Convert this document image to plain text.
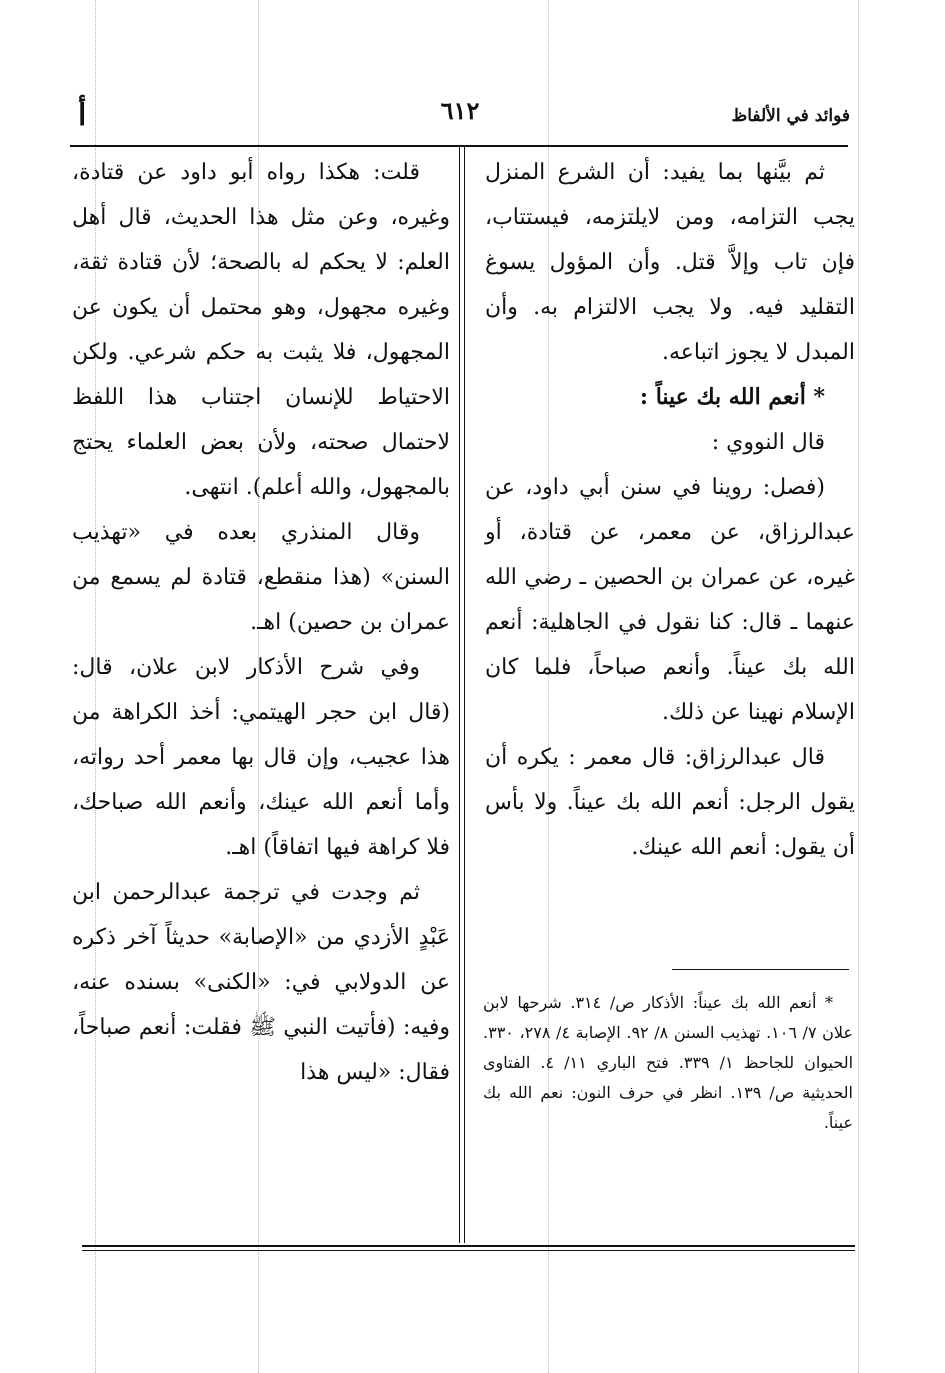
فوائد في الألفاظ
٦١٢
أ

ثم بيَّنها بما يفيد: أن الشرع المنزل يجب التزامه، ومن لايلتزمه، فيستتاب، فإن تاب وإلاَّ قتل. وأن المؤول يسوغ التقليد فيه. ولا يجب الالتزام به. وأن المبدل لا يجوز اتباعه.

* أنعم الله بك عيناً :

قال النووي :

(فصل: روينا في سنن أبي داود، عن عبدالرزاق، عن معمر، عن قتادة، أو غيره، عن عمران بن الحصين ـ رضي الله عنهما ـ قال: كنا نقول في الجاهلية: أنعم الله بك عيناً. وأنعم صباحاً، فلما كان الإسلام نهينا عن ذلك.

قال عبدالرزاق: قال معمر : يكره أن يقول الرجل: أنعم الله بك عيناً. ولا بأس أن يقول: أنعم الله عينك.

* أنعم الله بك عيناً: الأذكار ص/ ٣١٤. شرحها لابن علان ٧/ ١٠٦. تهذيب السنن ٨/ ٩٢. الإصابة ٤/ ٢٧٨، ٣٣٠. الحيوان للجاحظ ١/ ٣٣٩. فتح الباري ١١/ ٤. الفتاوى الحديثية ص/ ١٣٩. انظر في حرف النون: نعم الله بك عيناً.

قلت: هكذا رواه أبو داود عن قتادة، وغيره، وعن مثل هذا الحديث، قال أهل العلم: لا يحكم له بالصحة؛ لأن قتادة ثقة، وغيره مجهول، وهو محتمل أن يكون عن المجهول، فلا يثبت به حكم شرعي. ولكن الاحتياط للإنسان اجتناب هذا اللفظ لاحتمال صحته، ولأن بعض العلماء يحتج بالمجهول، والله أعلم). انتهى.

وقال المنذري بعده في «تهذيب السنن» (هذا منقطع، قتادة لم يسمع من عمران بن حصين) اهـ.

وفي شرح الأذكار لابن علان، قال: (قال ابن حجر الهيتمي: أخذ الكراهة من هذا عجيب، وإن قال بها معمر أحد رواته، وأما أنعم الله عينك، وأنعم الله صباحك، فلا كراهة فيها اتفاقاً) اهـ.

ثم وجدت في ترجمة عبدالرحمن ابن عَبْدٍ الأزدي من «الإصابة» حديثاً آخر ذكره عن الدولابي في: «الكنى» بسنده عنه، وفيه: (فأتيت النبي ﷺ فقلت: أنعم صباحاً، فقال: «ليس هذا
